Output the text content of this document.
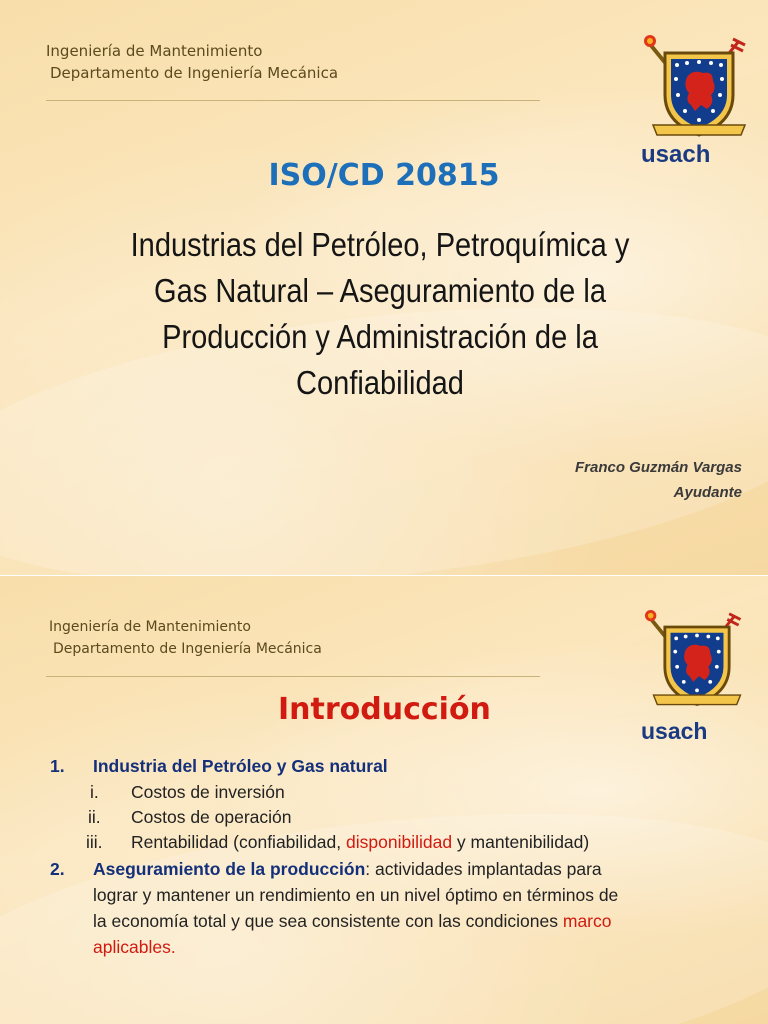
Ingeniería de Mantenimiento
Departamento de Ingeniería Mecánica
usach
ISO/CD 20815
Industrias del Petróleo, Petroquímica y
Gas Natural – Aseguramiento de la
Producción y Administración de la
Confiabilidad
Franco Guzmán Vargas
Ayudante
Ingeniería de Mantenimiento
Departamento de Ingeniería Mecánica
usach
Introducción
1. Industria del Petróleo y Gas natural
i. Costos de inversión
ii. Costos de operación
iii. Rentabilidad (confiabilidad, disponibilidad y mantenibilidad)
2. Aseguramiento de la producción: actividades implantadas para
lograr y mantener un rendimiento en un nivel óptimo en términos de
la economía total y que sea consistente con las condiciones marco
aplicables.
